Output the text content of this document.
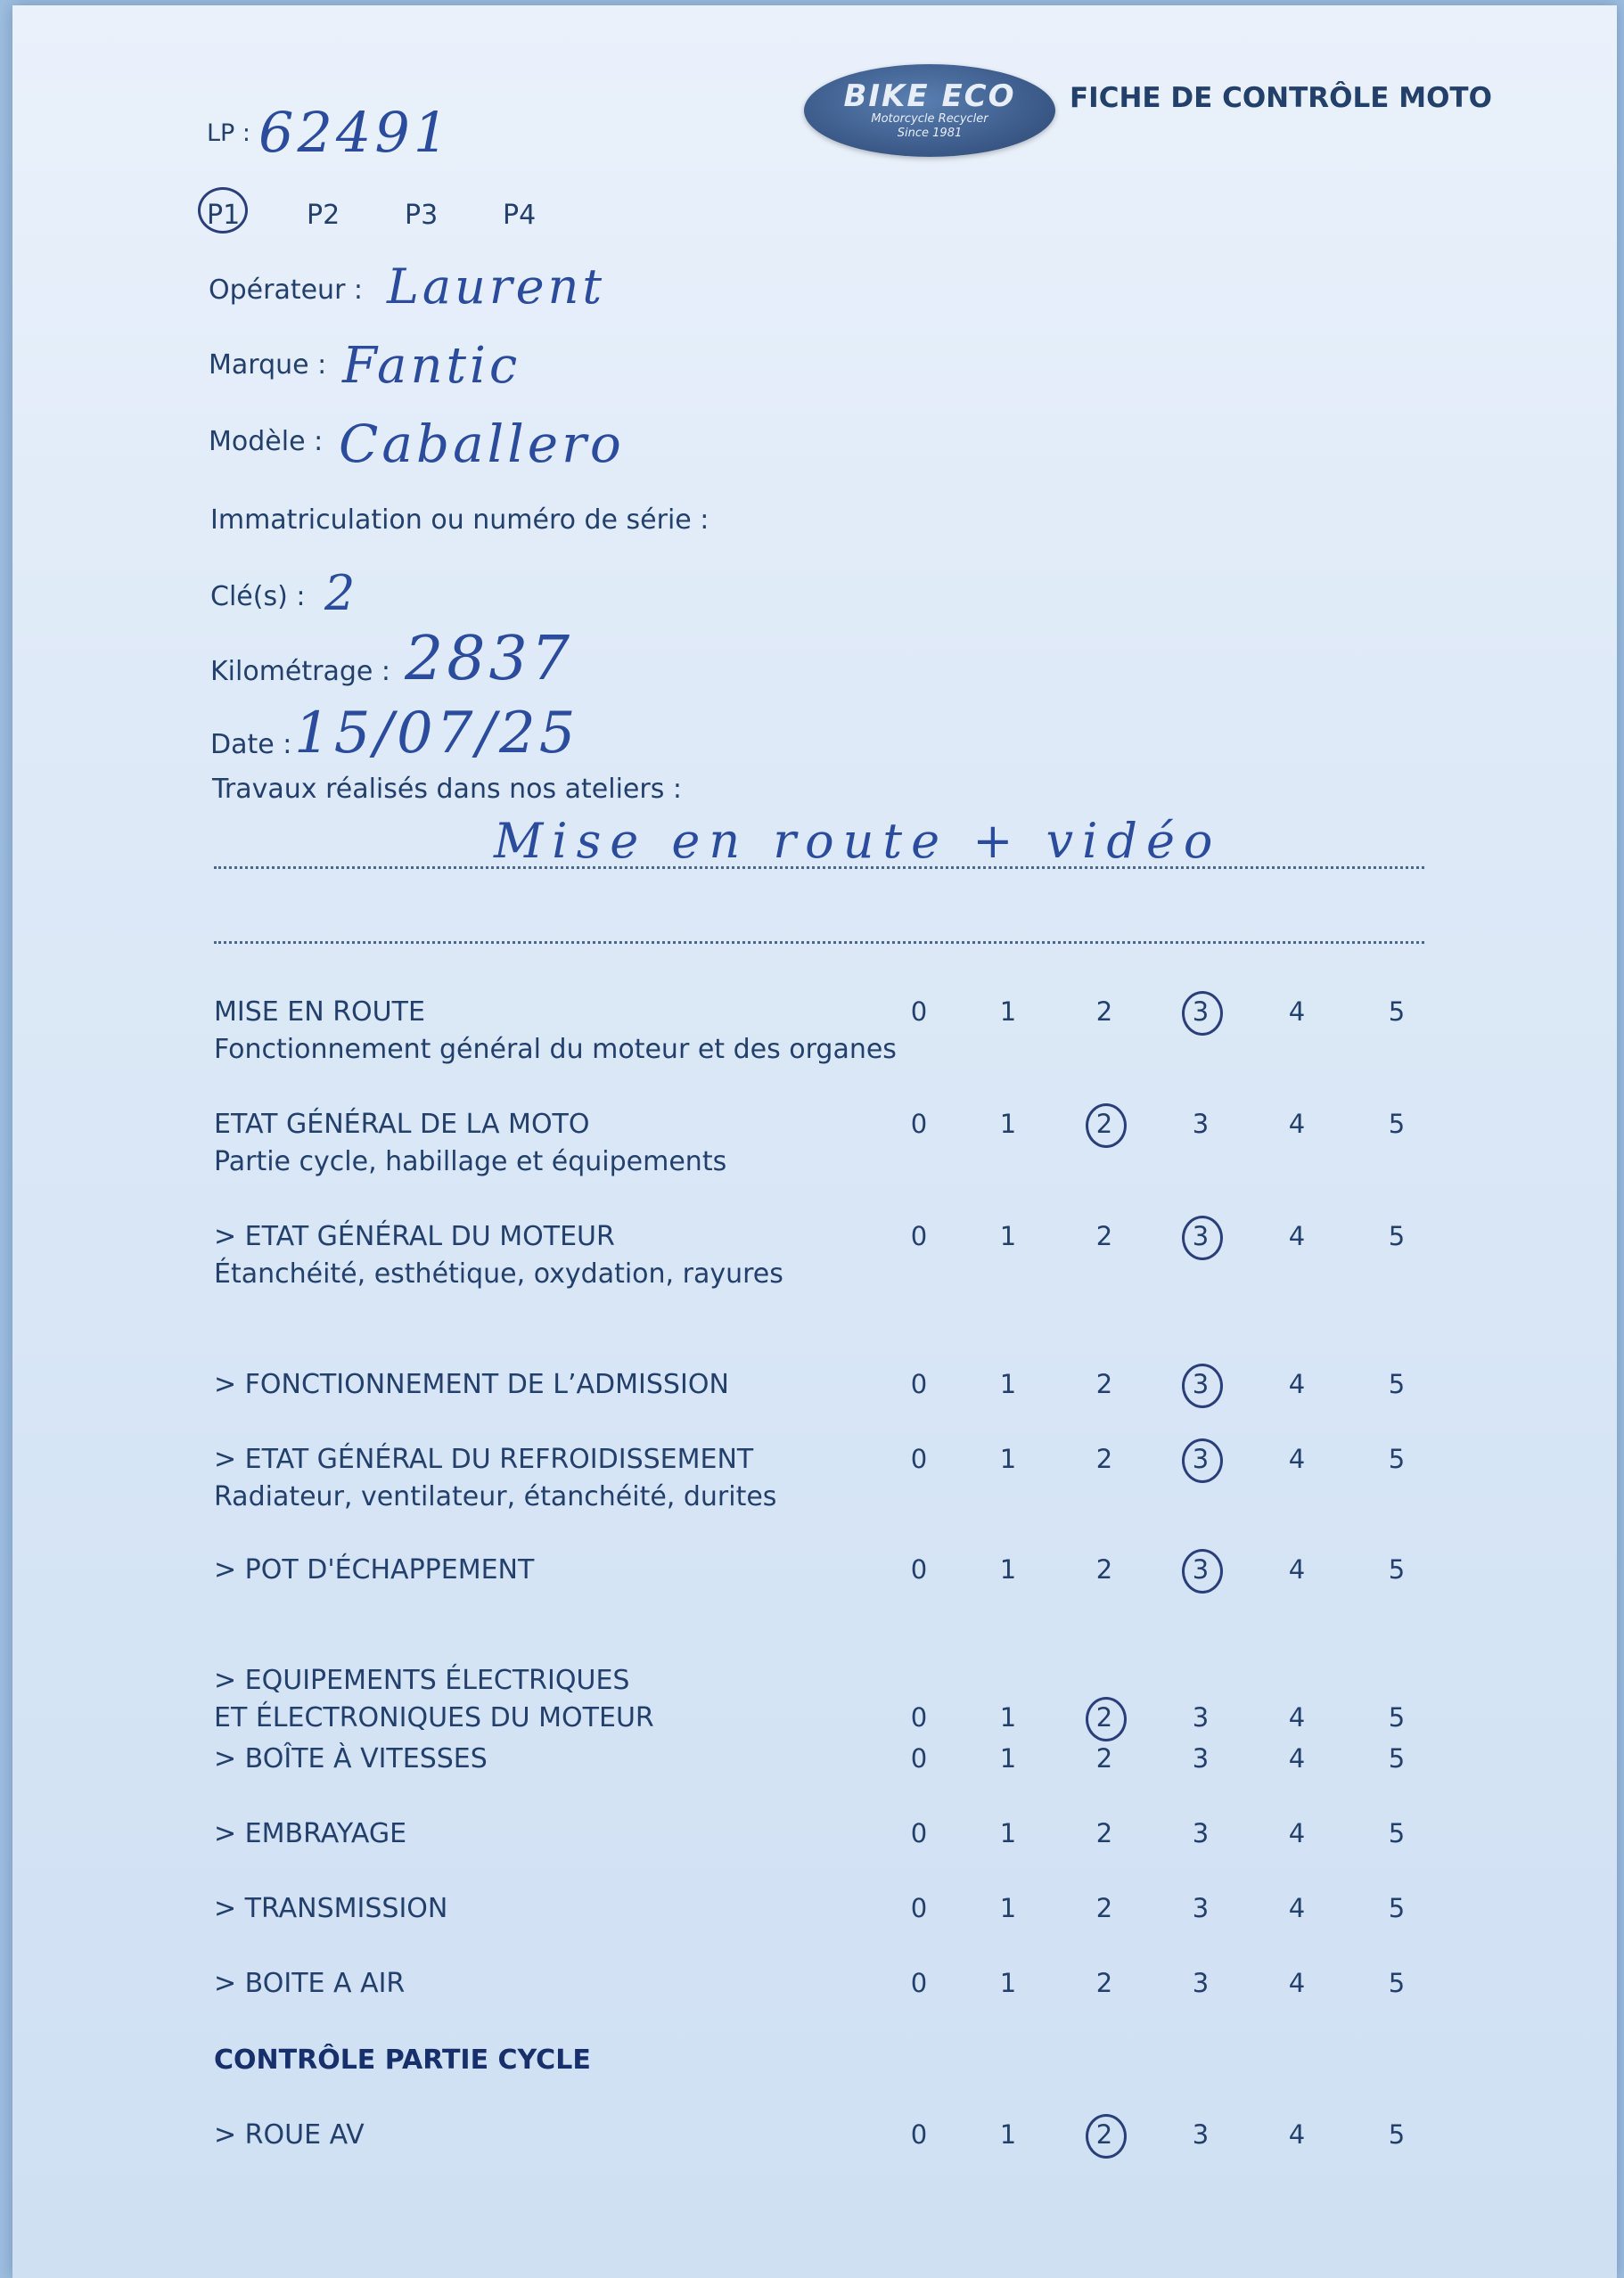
LP : 62491
BIKE ECO
Motorcycle Recycler
Since 1981
FICHE DE CONTRÔLE MOTO
P1 P2 P3 P4
Opérateur : Laurent
Marque : Fantic
Modèle : Caballero
Immatriculation ou numéro de série :
Clé(s) : 2
Kilométrage : 2837
Date : 15/07/25
Travaux réalisés dans nos ateliers :
Mise en route + vidéo
MISE EN ROUTE
Fonctionnement général du moteur et des organes
0	1	2	3	4	5
ETAT GÉNÉRAL DE LA MOTO
Partie cycle, habillage et équipements
0	1	2	3	4	5
> ETAT GÉNÉRAL DU MOTEUR
Étanchéité, esthétique, oxydation, rayures
0	1	2	3	4	5
> FONCTIONNEMENT DE L’ADMISSION	0	1	2	3	4	5
> ETAT GÉNÉRAL DU REFROIDISSEMENT
Radiateur, ventilateur, étanchéité, durites
0	1	2	3	4	5
> POT D'ÉCHAPPEMENT	0	1	2	3	4	5
> EQUIPEMENTS ÉLECTRIQUES
ET ÉLECTRONIQUES DU MOTEUR	0	1	2	3	4	5
> BOÎTE À VITESSES	0	1	2	3	4	5
> EMBRAYAGE	0	1	2	3	4	5
> TRANSMISSION	0	1	2	3	4	5
> BOITE A AIR	0	1	2	3	4	5
CONTRÔLE PARTIE CYCLE
> ROUE AV	0	1	2	3	4	5
